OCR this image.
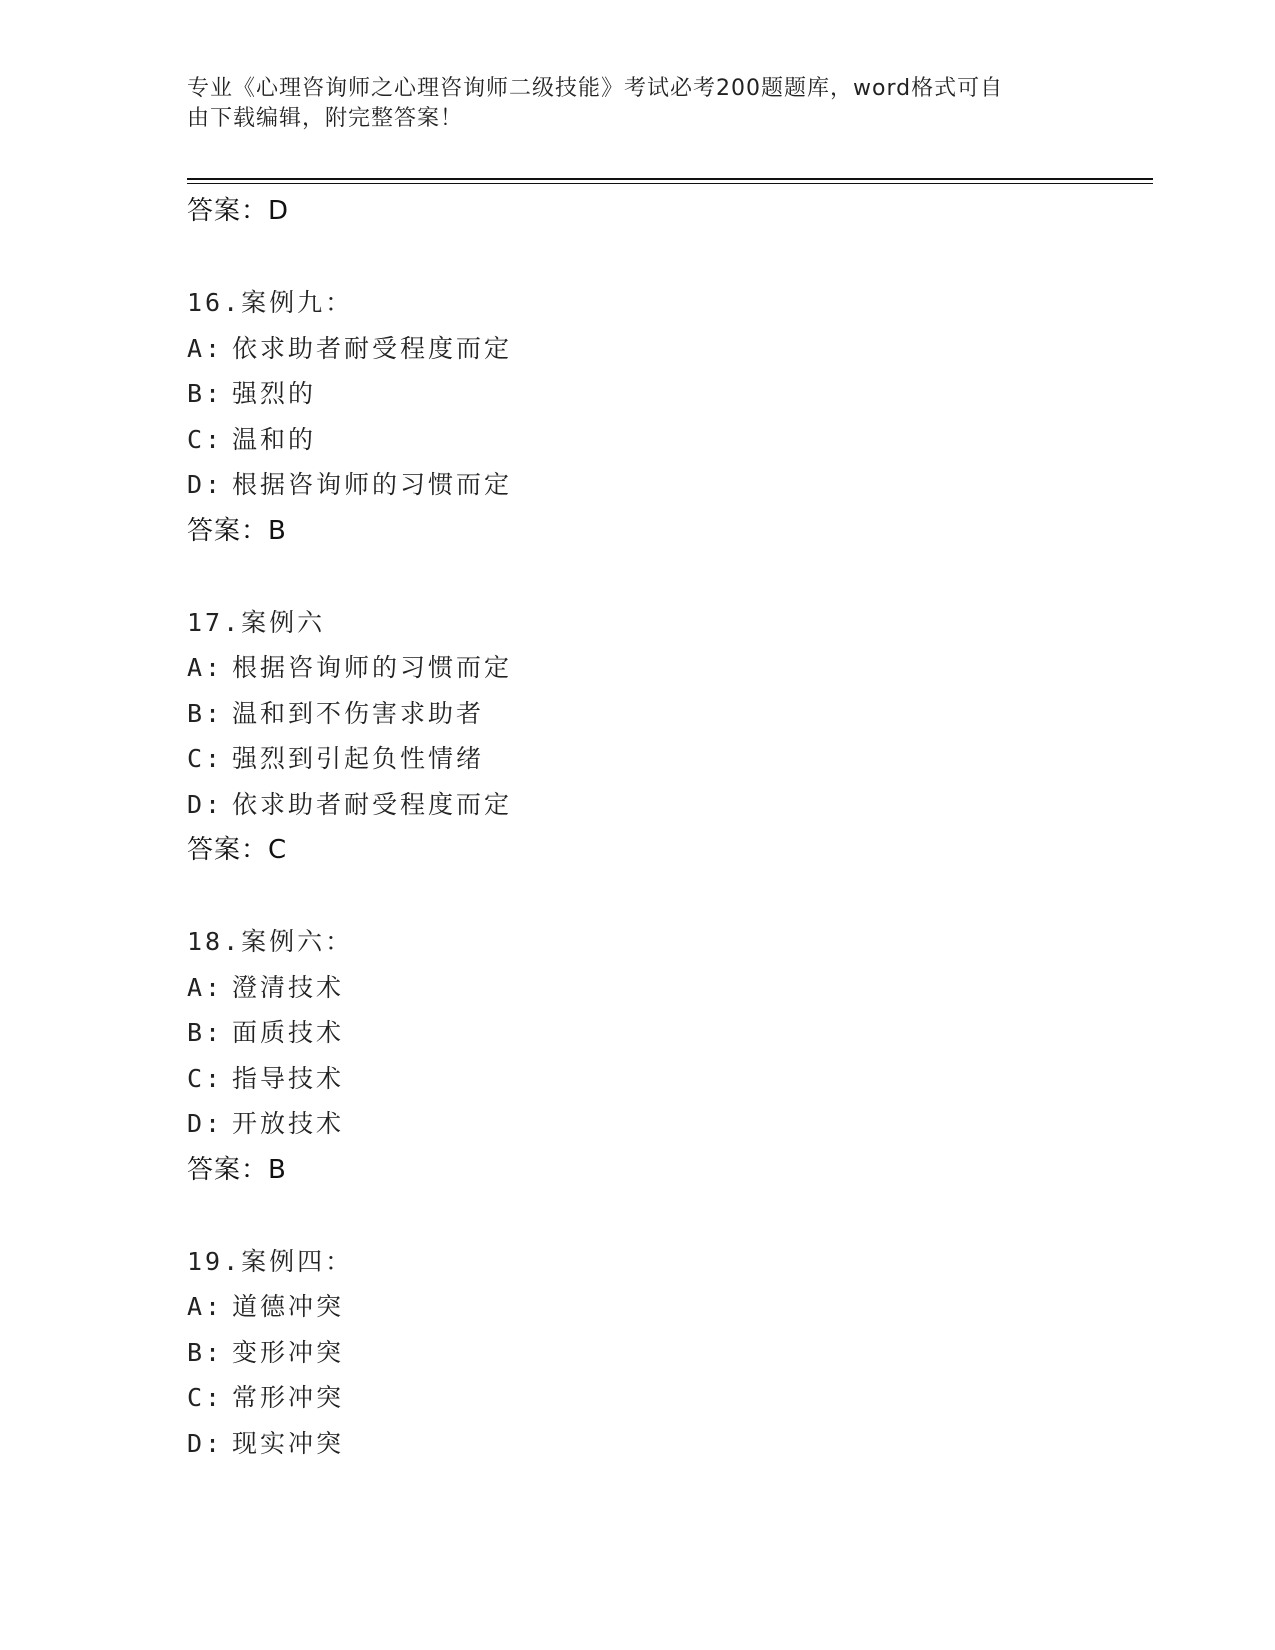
专业《心理咨询师之心理咨询师二级技能》考试必考200题题库，word格式可自
由下载编辑，附完整答案！
答案：D
16.案例九：
A: 依求助者耐受程度而定
B: 强烈的
C: 温和的
D: 根据咨询师的习惯而定
答案：B
17.案例六
A: 根据咨询师的习惯而定
B: 温和到不伤害求助者
C: 强烈到引起负性情绪
D: 依求助者耐受程度而定
答案：C
18.案例六：
A: 澄清技术
B: 面质技术
C: 指导技术
D: 开放技术
答案：B
19.案例四：
A: 道德冲突
B: 变形冲突
C: 常形冲突
D: 现实冲突
